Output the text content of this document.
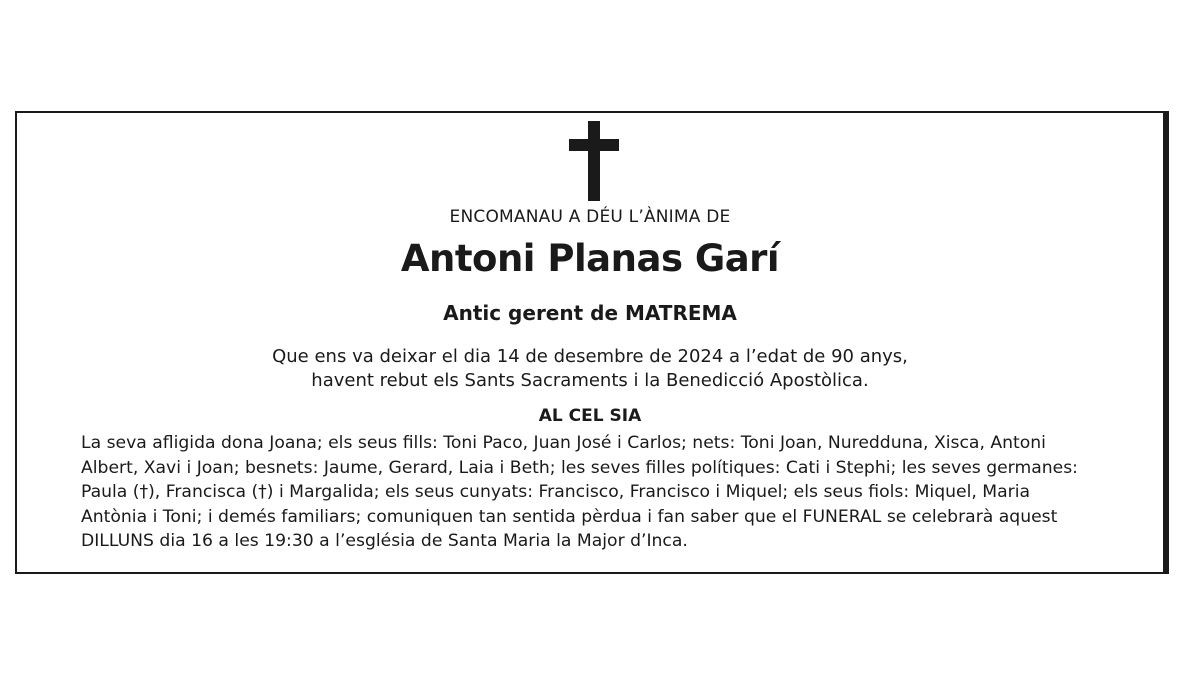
ENCOMANAU A DÉU L’ÀNIMA DE
Antoni Planas Garí
Antic gerent de MATREMA
Que ens va deixar el dia 14 de desembre de 2024 a l’edat de 90 anys,
havent rebut els Sants Sacraments i la Benedicció Apostòlica.
AL CEL SIA
La seva afligida dona Joana; els seus fills: Toni Paco, Juan José i Carlos; nets: Toni Joan, Nuredduna, Xisca, Antoni
Albert, Xavi i Joan; besnets: Jaume, Gerard, Laia i Beth; les seves filles polítiques: Cati i Stephi; les seves germanes:
Paula (†), Francisca (†) i Margalida; els seus cunyats: Francisco, Francisco i Miquel; els seus fiols: Miquel, Maria
Antònia i Toni; i demés familiars; comuniquen tan sentida pèrdua i fan saber que el FUNERAL se celebrarà aquest
DILLUNS dia 16 a les 19:30 a l’església de Santa Maria la Major d’Inca.
